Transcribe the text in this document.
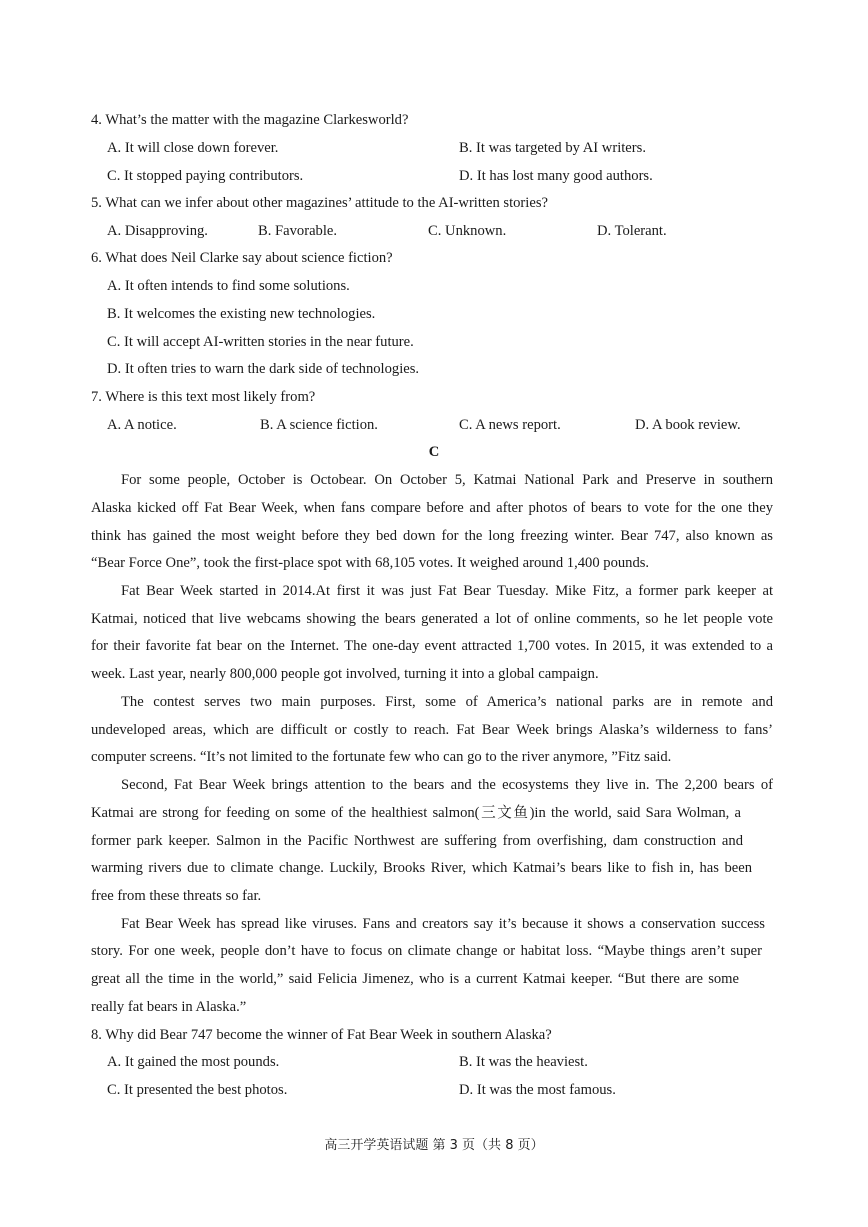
4. What’s the matter with the magazine Clarkesworld?
A. It will close down forever.	B. It was targeted by AI writers.
C. It stopped paying contributors.	D. It has lost many good authors.
5. What can we infer about other magazines’ attitude to the AI-written stories?
A. Disapproving.	B. Favorable.	C. Unknown.	D. Tolerant.
6. What does Neil Clarke say about science fiction?
A. It often intends to find some solutions.
B. It welcomes the existing new technologies.
C. It will accept AI-written stories in the near future.
D. It often tries to warn the dark side of technologies.
7. Where is this text most likely from?
A. A notice.	B. A science fiction.	C. A news report.	D. A book review.
C
For some people, October is Octobear. On October 5, Katmai National Park and Preserve in southern
Alaska kicked off Fat Bear Week, when fans compare before and after photos of bears to vote for the one they
think has gained the most weight before they bed down for the long freezing winter. Bear 747, also known as
“Bear Force One”, took the first-place spot with 68,105 votes. It weighed around 1,400 pounds.
Fat Bear Week started in 2014.At first it was just Fat Bear Tuesday. Mike Fitz, a former park keeper at
Katmai, noticed that live webcams showing the bears generated a lot of online comments, so he let people vote
for their favorite fat bear on the Internet. The one-day event attracted 1,700 votes. In 2015, it was extended to a
week. Last year, nearly 800,000 people got involved, turning it into a global campaign.
The contest serves two main purposes. First, some of America’s national parks are in remote and
undeveloped areas, which are difficult or costly to reach. Fat Bear Week brings Alaska’s wilderness to fans’
computer screens. “It’s not limited to the fortunate few who can go to the river anymore, ”Fitz said.
Second, Fat Bear Week brings attention to the bears and the ecosystems they live in. The 2,200 bears of
Katmai are strong for feeding on some of the healthiest salmon(三文鱼)in the world, said Sara Wolman, a
former park keeper. Salmon in the Pacific Northwest are suffering from overfishing, dam construction and
warming rivers due to climate change. Luckily, Brooks River, which Katmai’s bears like to fish in, has been
free from these threats so far.
Fat Bear Week has spread like viruses. Fans and creators say it’s because it shows a conservation success
story. For one week, people don’t have to focus on climate change or habitat loss. “Maybe things aren’t super
great all the time in the world,” said Felicia Jimenez, who is a current Katmai keeper. “But there are some
really fat bears in Alaska.”
8. Why did Bear 747 become the winner of Fat Bear Week in southern Alaska?
A. It gained the most pounds.	B. It was the heaviest.
C. It presented the best photos.	D. It was the most famous.
高三开学英语试题 第 3 页（共 8 页）
